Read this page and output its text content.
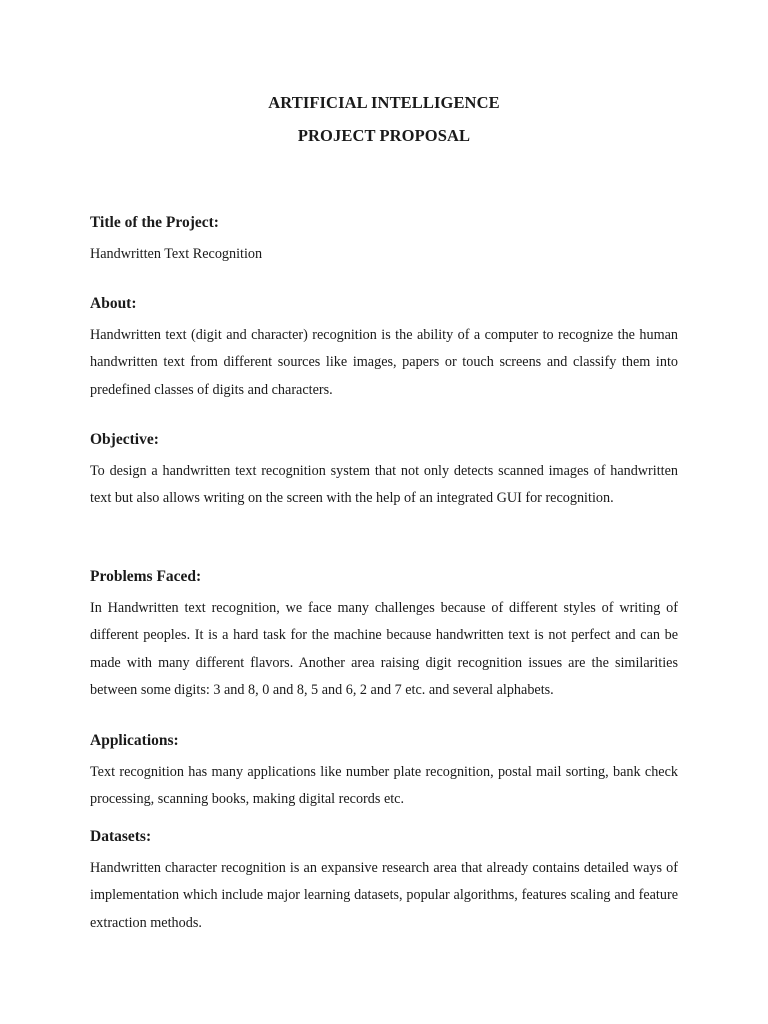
ARTIFICIAL INTELLIGENCE
PROJECT PROPOSAL
Title of the Project:

Handwritten Text Recognition

About:

Handwritten text (digit and character) recognition is the ability of a computer to recognize the human handwritten text from different sources like images, papers or touch screens and classify them into predefined classes of digits and characters.

Objective:

To design a handwritten text recognition system that not only detects scanned images of handwritten text but also allows writing on the screen with the help of an integrated GUI for recognition.

Problems Faced:

In Handwritten text recognition, we face many challenges because of different styles of writing of different peoples. It is a hard task for the machine because handwritten text is not perfect and can be made with many different flavors. Another area raising digit recognition issues are the similarities between some digits: 3 and 8, 0 and 8, 5 and 6, 2 and 7 etc. and several alphabets.

Applications:

Text recognition has many applications like number plate recognition, postal mail sorting, bank check processing, scanning books, making digital records etc.

Datasets:

Handwritten character recognition is an expansive research area that already contains detailed ways of implementation which include major learning datasets, popular algorithms, features scaling and feature extraction methods.
